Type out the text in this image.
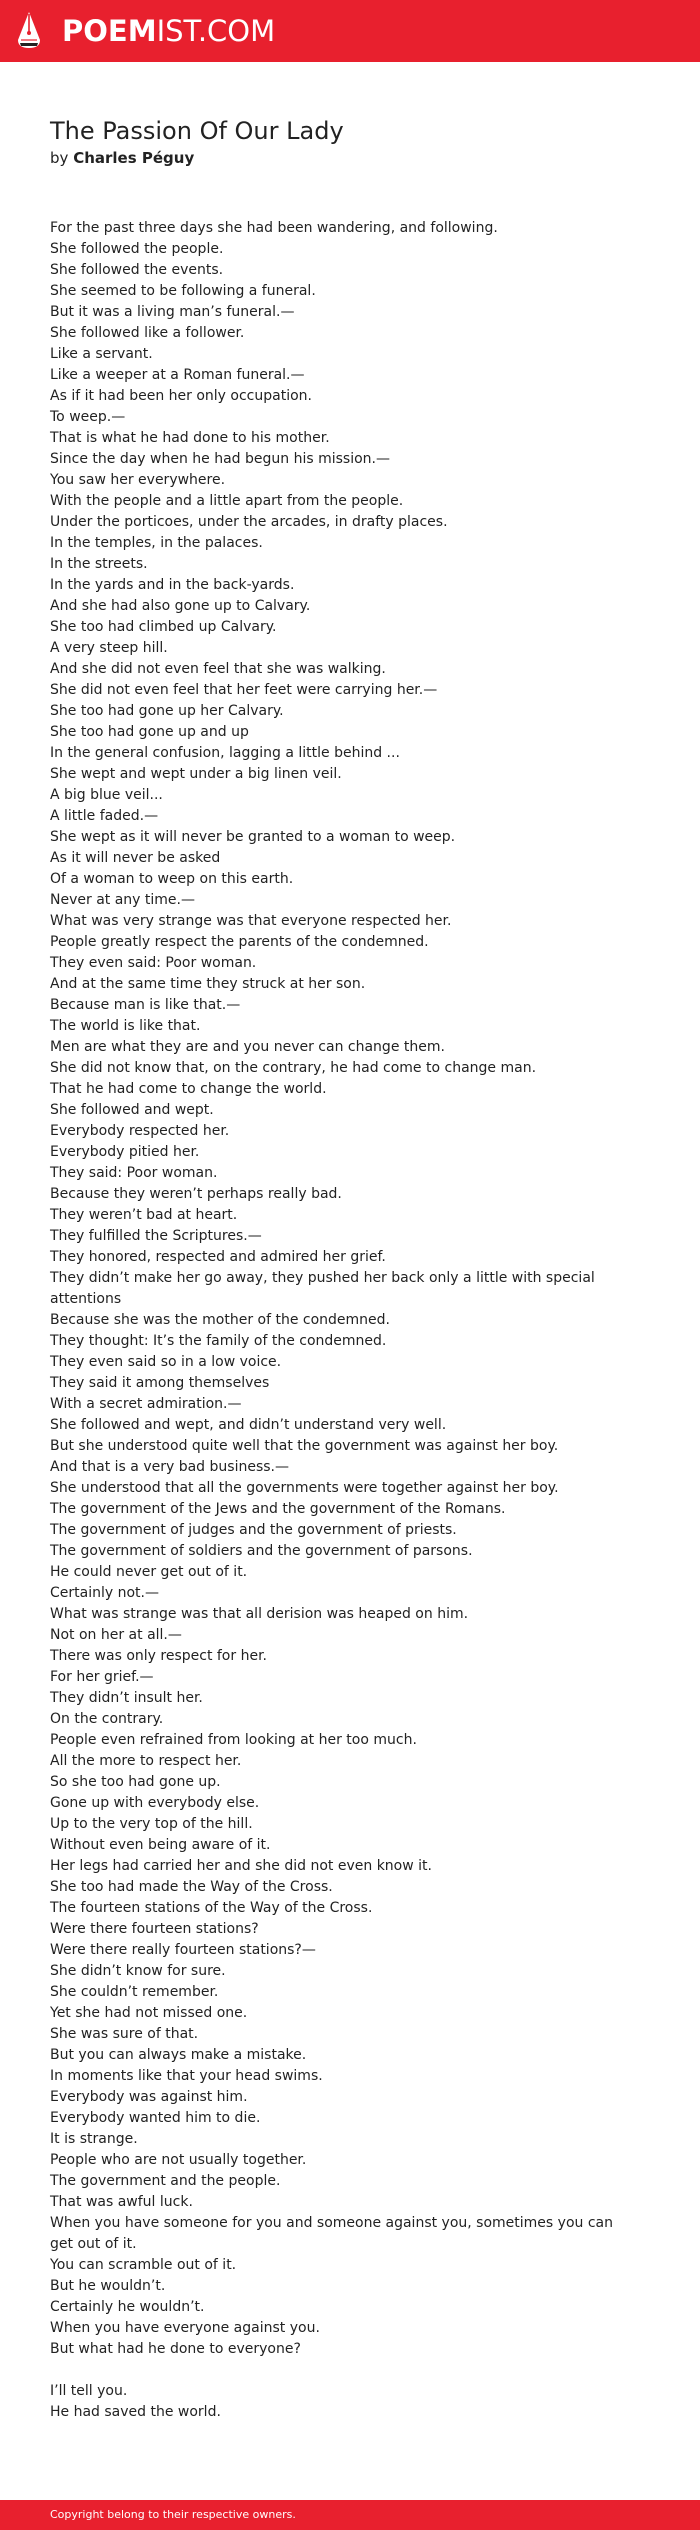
POEMIST.COM
The Passion Of Our Lady
by Charles Péguy
For the past three days she had been wandering, and following.
She followed the people.
She followed the events.
She seemed to be following a funeral.
But it was a living man’s funeral.—
She followed like a follower.
Like a servant.
Like a weeper at a Roman funeral.—
As if it had been her only occupation.
To weep.—
That is what he had done to his mother.
Since the day when he had begun his mission.—
You saw her everywhere.
With the people and a little apart from the people.
Under the porticoes, under the arcades, in drafty places.
In the temples, in the palaces.
In the streets.
In the yards and in the back-yards.
And she had also gone up to Calvary.
She too had climbed up Calvary.
A very steep hill.
And she did not even feel that she was walking.
She did not even feel that her feet were carrying her.—
She too had gone up her Calvary.
She too had gone up and up
In the general confusion, lagging a little behind ...
She wept and wept under a big linen veil.
A big blue veil...
A little faded.—
She wept as it will never be granted to a woman to weep.
As it will never be asked
Of a woman to weep on this earth.
Never at any time.—
What was very strange was that everyone respected her.
People greatly respect the parents of the condemned.
They even said: Poor woman.
And at the same time they struck at her son.
Because man is like that.—
The world is like that.
Men are what they are and you never can change them.
She did not know that, on the contrary, he had come to change man.
That he had come to change the world.
She followed and wept.
Everybody respected her.
Everybody pitied her.
They said: Poor woman.
Because they weren’t perhaps really bad.
They weren’t bad at heart.
They fulfilled the Scriptures.—
They honored, respected and admired her grief.
They didn’t make her go away, they pushed her back only a little with special attentions
Because she was the mother of the condemned.
They thought: It’s the family of the condemned.
They even said so in a low voice.
They said it among themselves
With a secret admiration.—
She followed and wept, and didn’t understand very well.
But she understood quite well that the government was against her boy.
And that is a very bad business.—
She understood that all the governments were together against her boy.
The government of the Jews and the government of the Romans.
The government of judges and the government of priests.
The government of soldiers and the government of parsons.
He could never get out of it.
Certainly not.—
What was strange was that all derision was heaped on him.
Not on her at all.—
There was only respect for her.
For her grief.—
They didn’t insult her.
On the contrary.
People even refrained from looking at her too much.
All the more to respect her.
So she too had gone up.
Gone up with everybody else.
Up to the very top of the hill.
Without even being aware of it.
Her legs had carried her and she did not even know it.
She too had made the Way of the Cross.
The fourteen stations of the Way of the Cross.
Were there fourteen stations?
Were there really fourteen stations?—
She didn’t know for sure.
She couldn’t remember.
Yet she had not missed one.
She was sure of that.
But you can always make a mistake.
In moments like that your head swims.
Everybody was against him.
Everybody wanted him to die.
It is strange.
People who are not usually together.
The government and the people.
That was awful luck.
When you have someone for you and someone against you, sometimes you can get out of it.
You can scramble out of it.
But he wouldn’t.
Certainly he wouldn’t.
When you have everyone against you.
But what had he done to everyone?
I’ll tell you.
He had saved the world.
Copyright belong to their respective owners.
